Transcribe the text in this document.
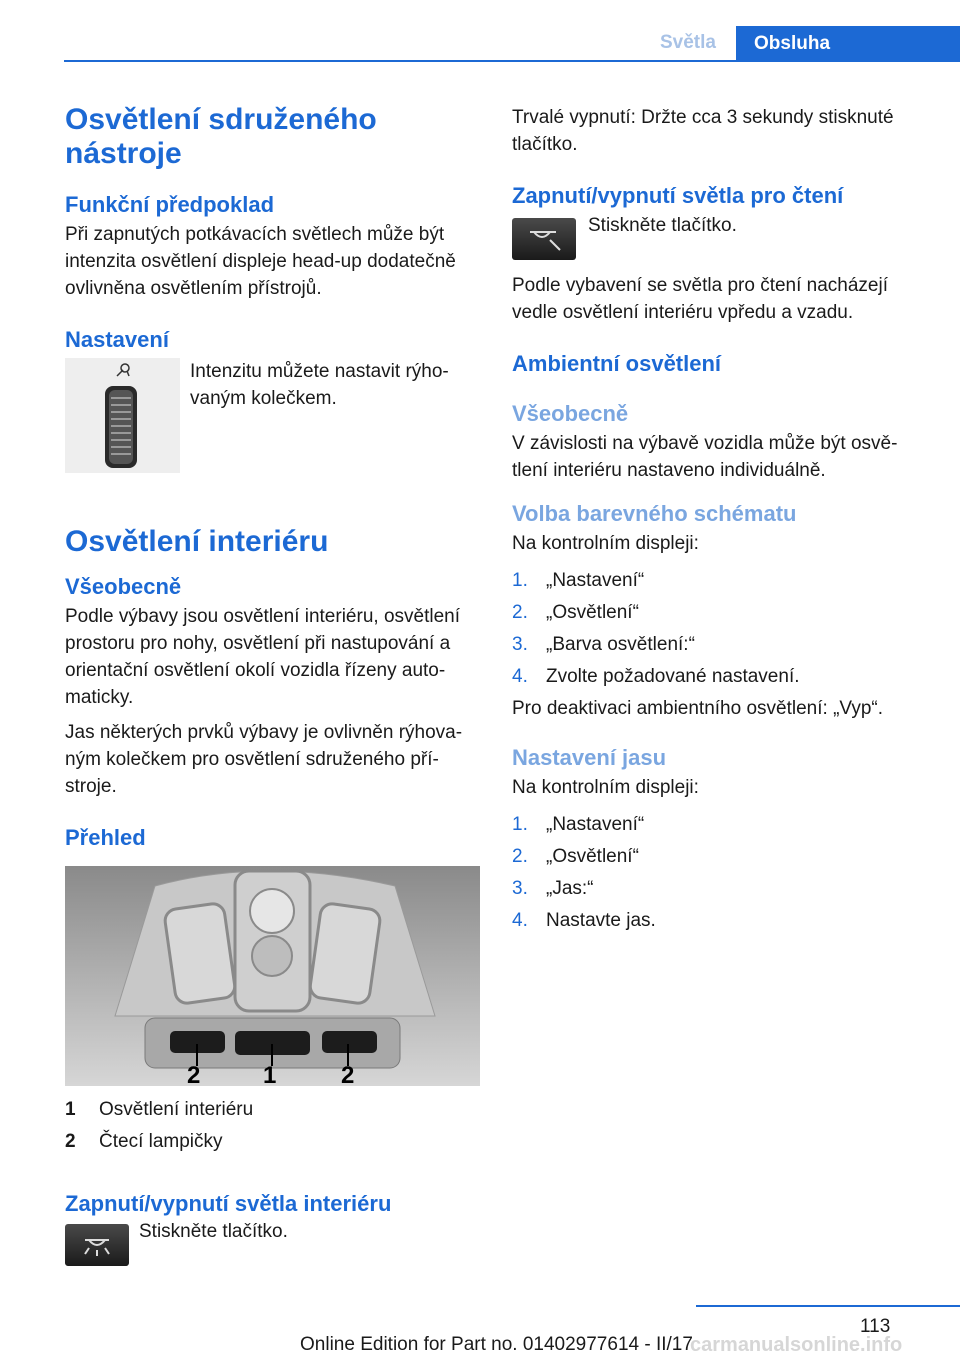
Světla	Obsluha
Osvětlení sdruženého
nástroje
Funkční předpoklad

Při zapnutých potkávacích světlech může být intenzita osvětlení displeje head-up dodatečně ovlivněna osvětlením přístrojů.

Nastavení

Intenzitu můžete nastavit rýho-vaným kolečkem.

Osvětlení interiéru
Všeobecně

Podle výbavy jsou osvětlení interiéru, osvětlení prostoru pro nohy, osvětlení při nastupování a orientační osvětlení okolí vozidla řízeny auto-maticky.

Jas některých prvků výbavy je ovlivněn rýhova-ným kolečkem pro osvětlení sdruženého pří-stroje.

Přehled
2	1	2
1	Osvětlení interiéru
2	Čtecí lampičky
Zapnutí/vypnutí světla interiéru

Stiskněte tlačítko.

Trvalé vypnutí: Držte cca 3 sekundy stisknuté tlačítko.

Zapnutí/vypnutí světla pro čtení

Stiskněte tlačítko.

Podle vybavení se světla pro čtení nacházejí vedle osvětlení interiéru vpředu a vzadu.

Ambientní osvětlení
Všeobecně

V závislosti na výbavě vozidla může být osvě-tlení interiéru nastaveno individuálně.

Volba barevného schématu

Na kontrolním displeji:

1. „Nastavení“
2. „Osvětlení“
3. „Barva osvětlení:“
4. Zvolte požadované nastavení.

Pro deaktivaci ambientního osvětlení: „Vyp“.

Nastavení jasu

Na kontrolním displeji:

1. „Nastavení“
2. „Osvětlení“
3. „Jas:“
4. Nastavte jas.
113
Online Edition for Part no. 01402977614 - II/17
carmanualsonline.info
